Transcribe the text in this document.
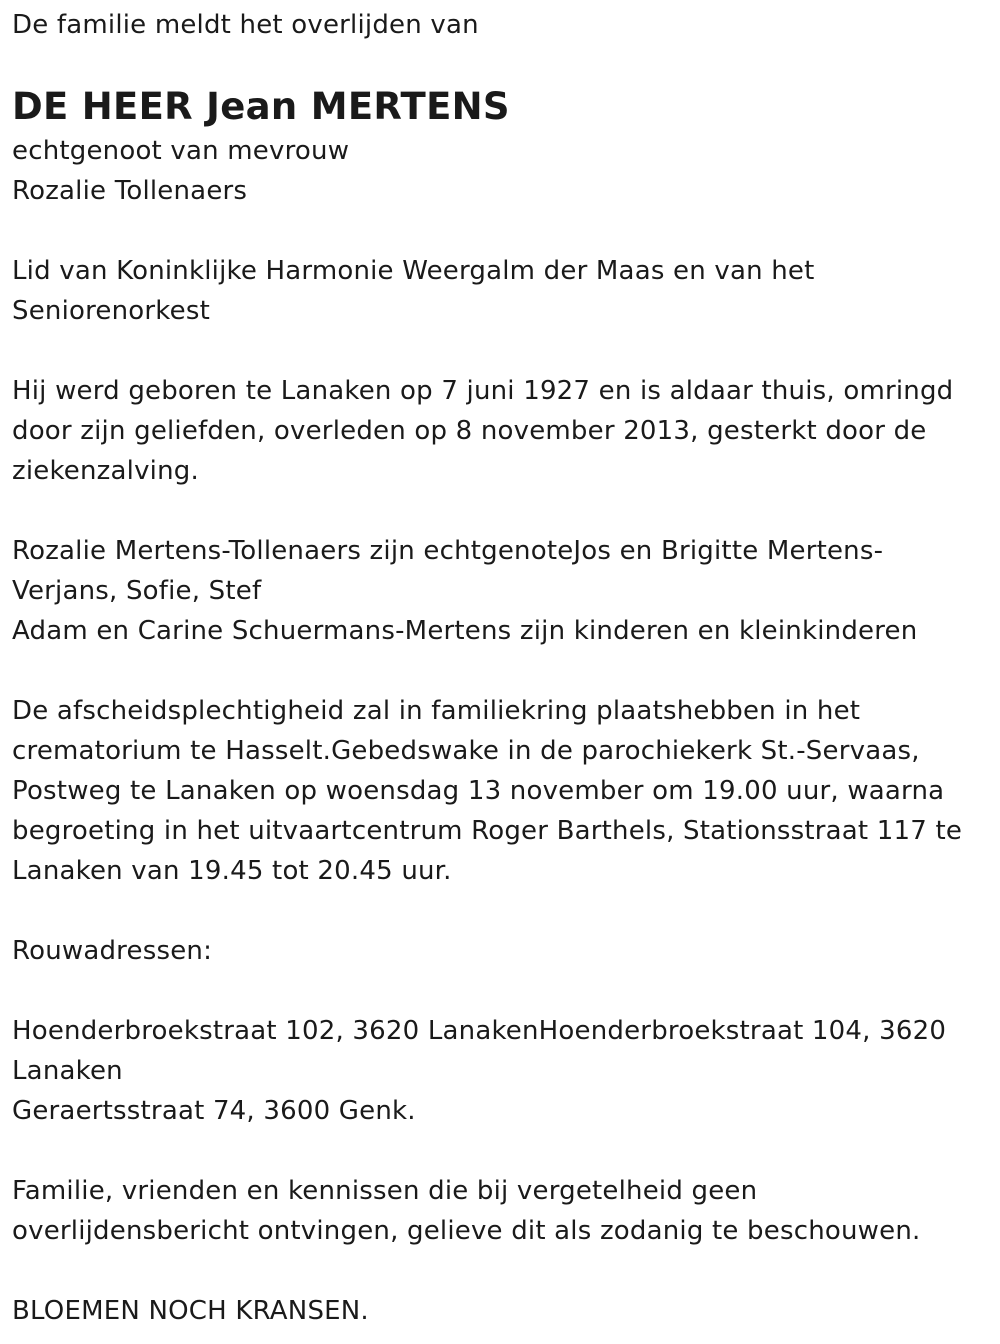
De familie meldt het overlijden van
DE HEER Jean MERTENS
echtgenoot van mevrouw
Rozalie Tollenaers
Lid van Koninklijke Harmonie Weergalm der Maas en van het
Seniorenorkest
Hij werd geboren te Lanaken op 7 juni 1927 en is aldaar thuis, omringd
door zijn geliefden, overleden op 8 november 2013, gesterkt door de
ziekenzalving.
Rozalie Mertens-Tollenaers zijn echtgenoteJos en Brigitte Mertens-
Verjans, Sofie, Stef
Adam en Carine Schuermans-Mertens zijn kinderen en kleinkinderen
De afscheidsplechtigheid zal in familiekring plaatshebben in het
crematorium te Hasselt.Gebedswake in de parochiekerk St.-Servaas,
Postweg te Lanaken op woensdag 13 november om 19.00 uur, waarna
begroeting in het uitvaartcentrum Roger Barthels, Stationsstraat 117 te
Lanaken van 19.45 tot 20.45 uur.
Rouwadressen:
Hoenderbroekstraat 102, 3620 LanakenHoenderbroekstraat 104, 3620
Lanaken
Geraertsstraat 74, 3600 Genk.
Familie, vrienden en kennissen die bij vergetelheid geen
overlijdensbericht ontvingen, gelieve dit als zodanig te beschouwen.
BLOEMEN NOCH KRANSEN.
